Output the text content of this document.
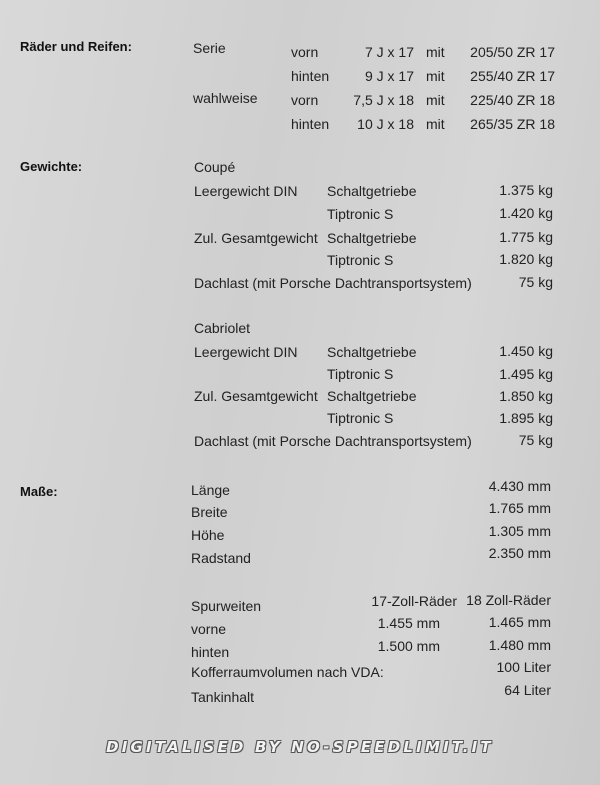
Räder und Reifen:	Serie
wahlweise
vorn	7 J x 17 mit 205/50 ZR 17
hinten	9 J x 17 mit 255/40 ZR 17
vorn	7,5 J x 18 mit 225/40 ZR 18
hinten 10 J x 18 mit 265/35 ZR 18
Gewichte:	Coupé
Leergewicht DIN Schaltgetriebe	1.375 kg
Tiptronic S	1.420 kg
Zul. Gesamtgewicht Schaltgetriebe	1.775 kg
Tiptronic S	1.820 kg
Dachlast (mit Porsche Dachtransportsystem)	75 kg
Cabriolet
Leergewicht DIN Schaltgetriebe	1.450 kg
Tiptronic S	1.495 kg
Zul. Gesamtgewicht Schaltgetriebe	1.850 kg
Tiptronic S	1.895 kg
Dachlast (mit Porsche Dachtransportsystem)	75 kg
Maße:	Länge	4.430 mm
Breite	1.765 mm
Höhe	1.305 mm
Radstand	2.350 mm
Spurweiten	17-Zoll-Räder 18 Zoll-Räder
vorne	1.455 mm	1.465 mm
hinten	1.500 mm	1.480 mm
Kofferraumvolumen nach VDA:	100 Liter
Tankinhalt	64 Liter
DIGITALISED BY NO-SPEEDLIMIT.IT
